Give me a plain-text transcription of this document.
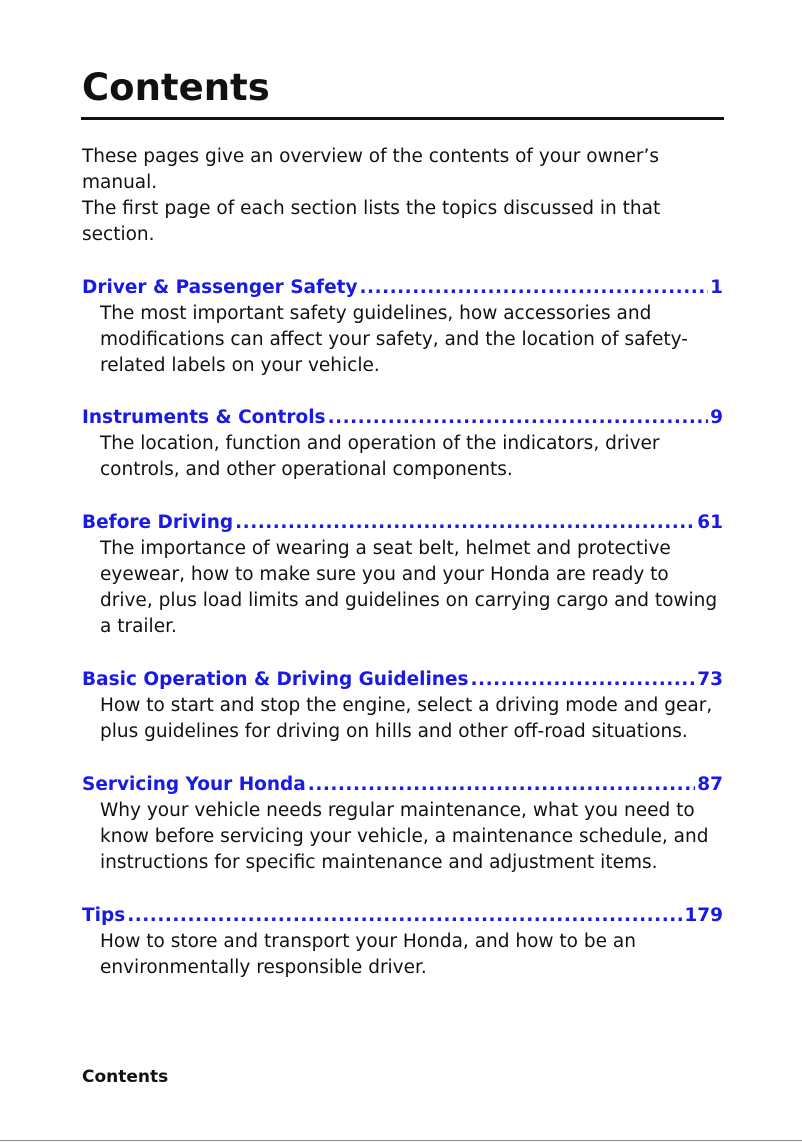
Contents

These pages give an overview of the contents of your owner’s manual.

The first page of each section lists the topics discussed in that section.

Driver & Passenger Safety .....	1

The most important safety guidelines, how accessories and modifications can affect your safety, and the location of safety-related labels on your vehicle.

Instruments & Controls .....	9

The location, function and operation of the indicators, driver controls, and other operational components.

Before Driving .....	61

The importance of wearing a seat belt, helmet and protective eyewear, how to make sure you and your Honda are ready to drive, plus load limits and guidelines on carrying cargo and towing a trailer.

Basic Operation & Driving Guidelines .....	73

How to start and stop the engine, select a driving mode and gear, plus guidelines for driving on hills and other off-road situations.

Servicing Your Honda .....	87

Why your vehicle needs regular maintenance, what you need to know before servicing your vehicle, a maintenance schedule, and instructions for specific maintenance and adjustment items.

Tips .....	179

How to store and transport your Honda, and how to be an environmentally responsible driver.

Contents
